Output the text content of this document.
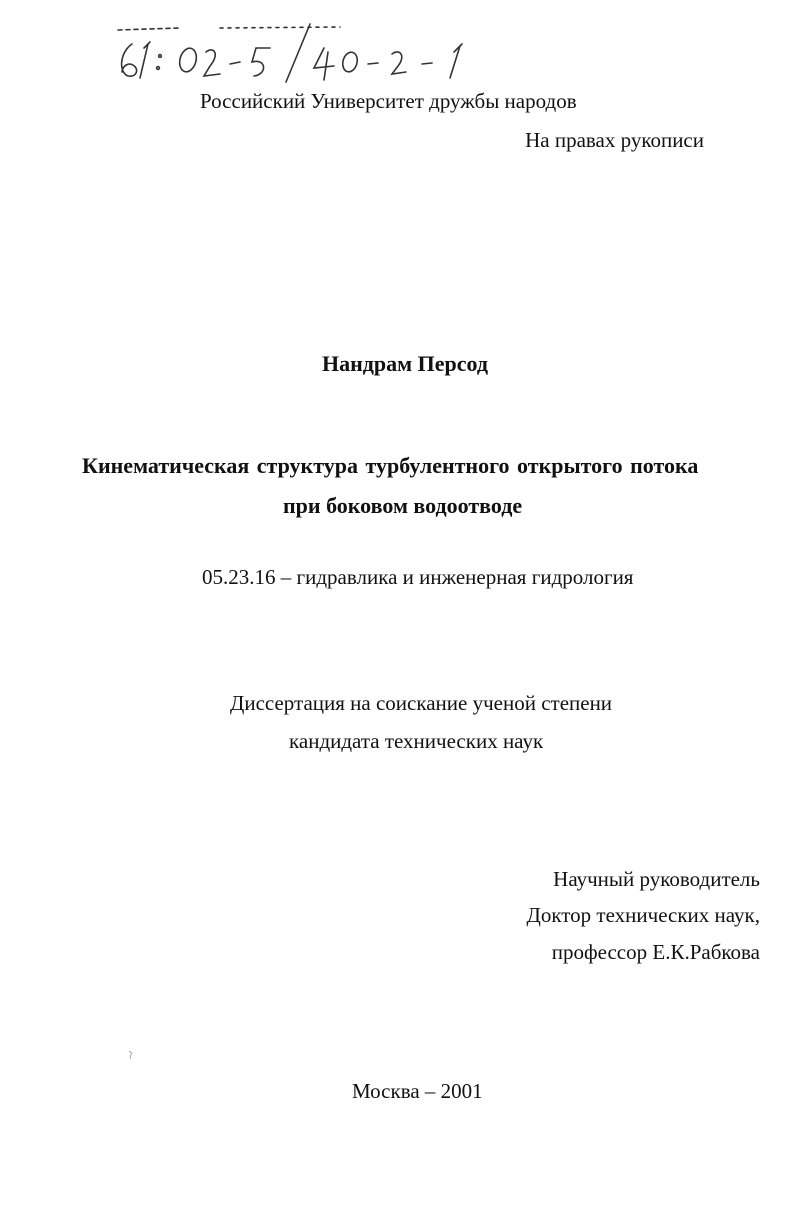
Российский Университет дружбы народов
На правах рукописи
Нандрам Персод
Кинематическая структура турбулентного открытого потока
при боковом водоотводе
05.23.16 – гидравлика и инженерная гидрология
Диссертация на соискание ученой степени
кандидата технических наук
Научный руководитель
Доктор технических наук,
профессор Е.К.Рабкова
Москва – 2001
